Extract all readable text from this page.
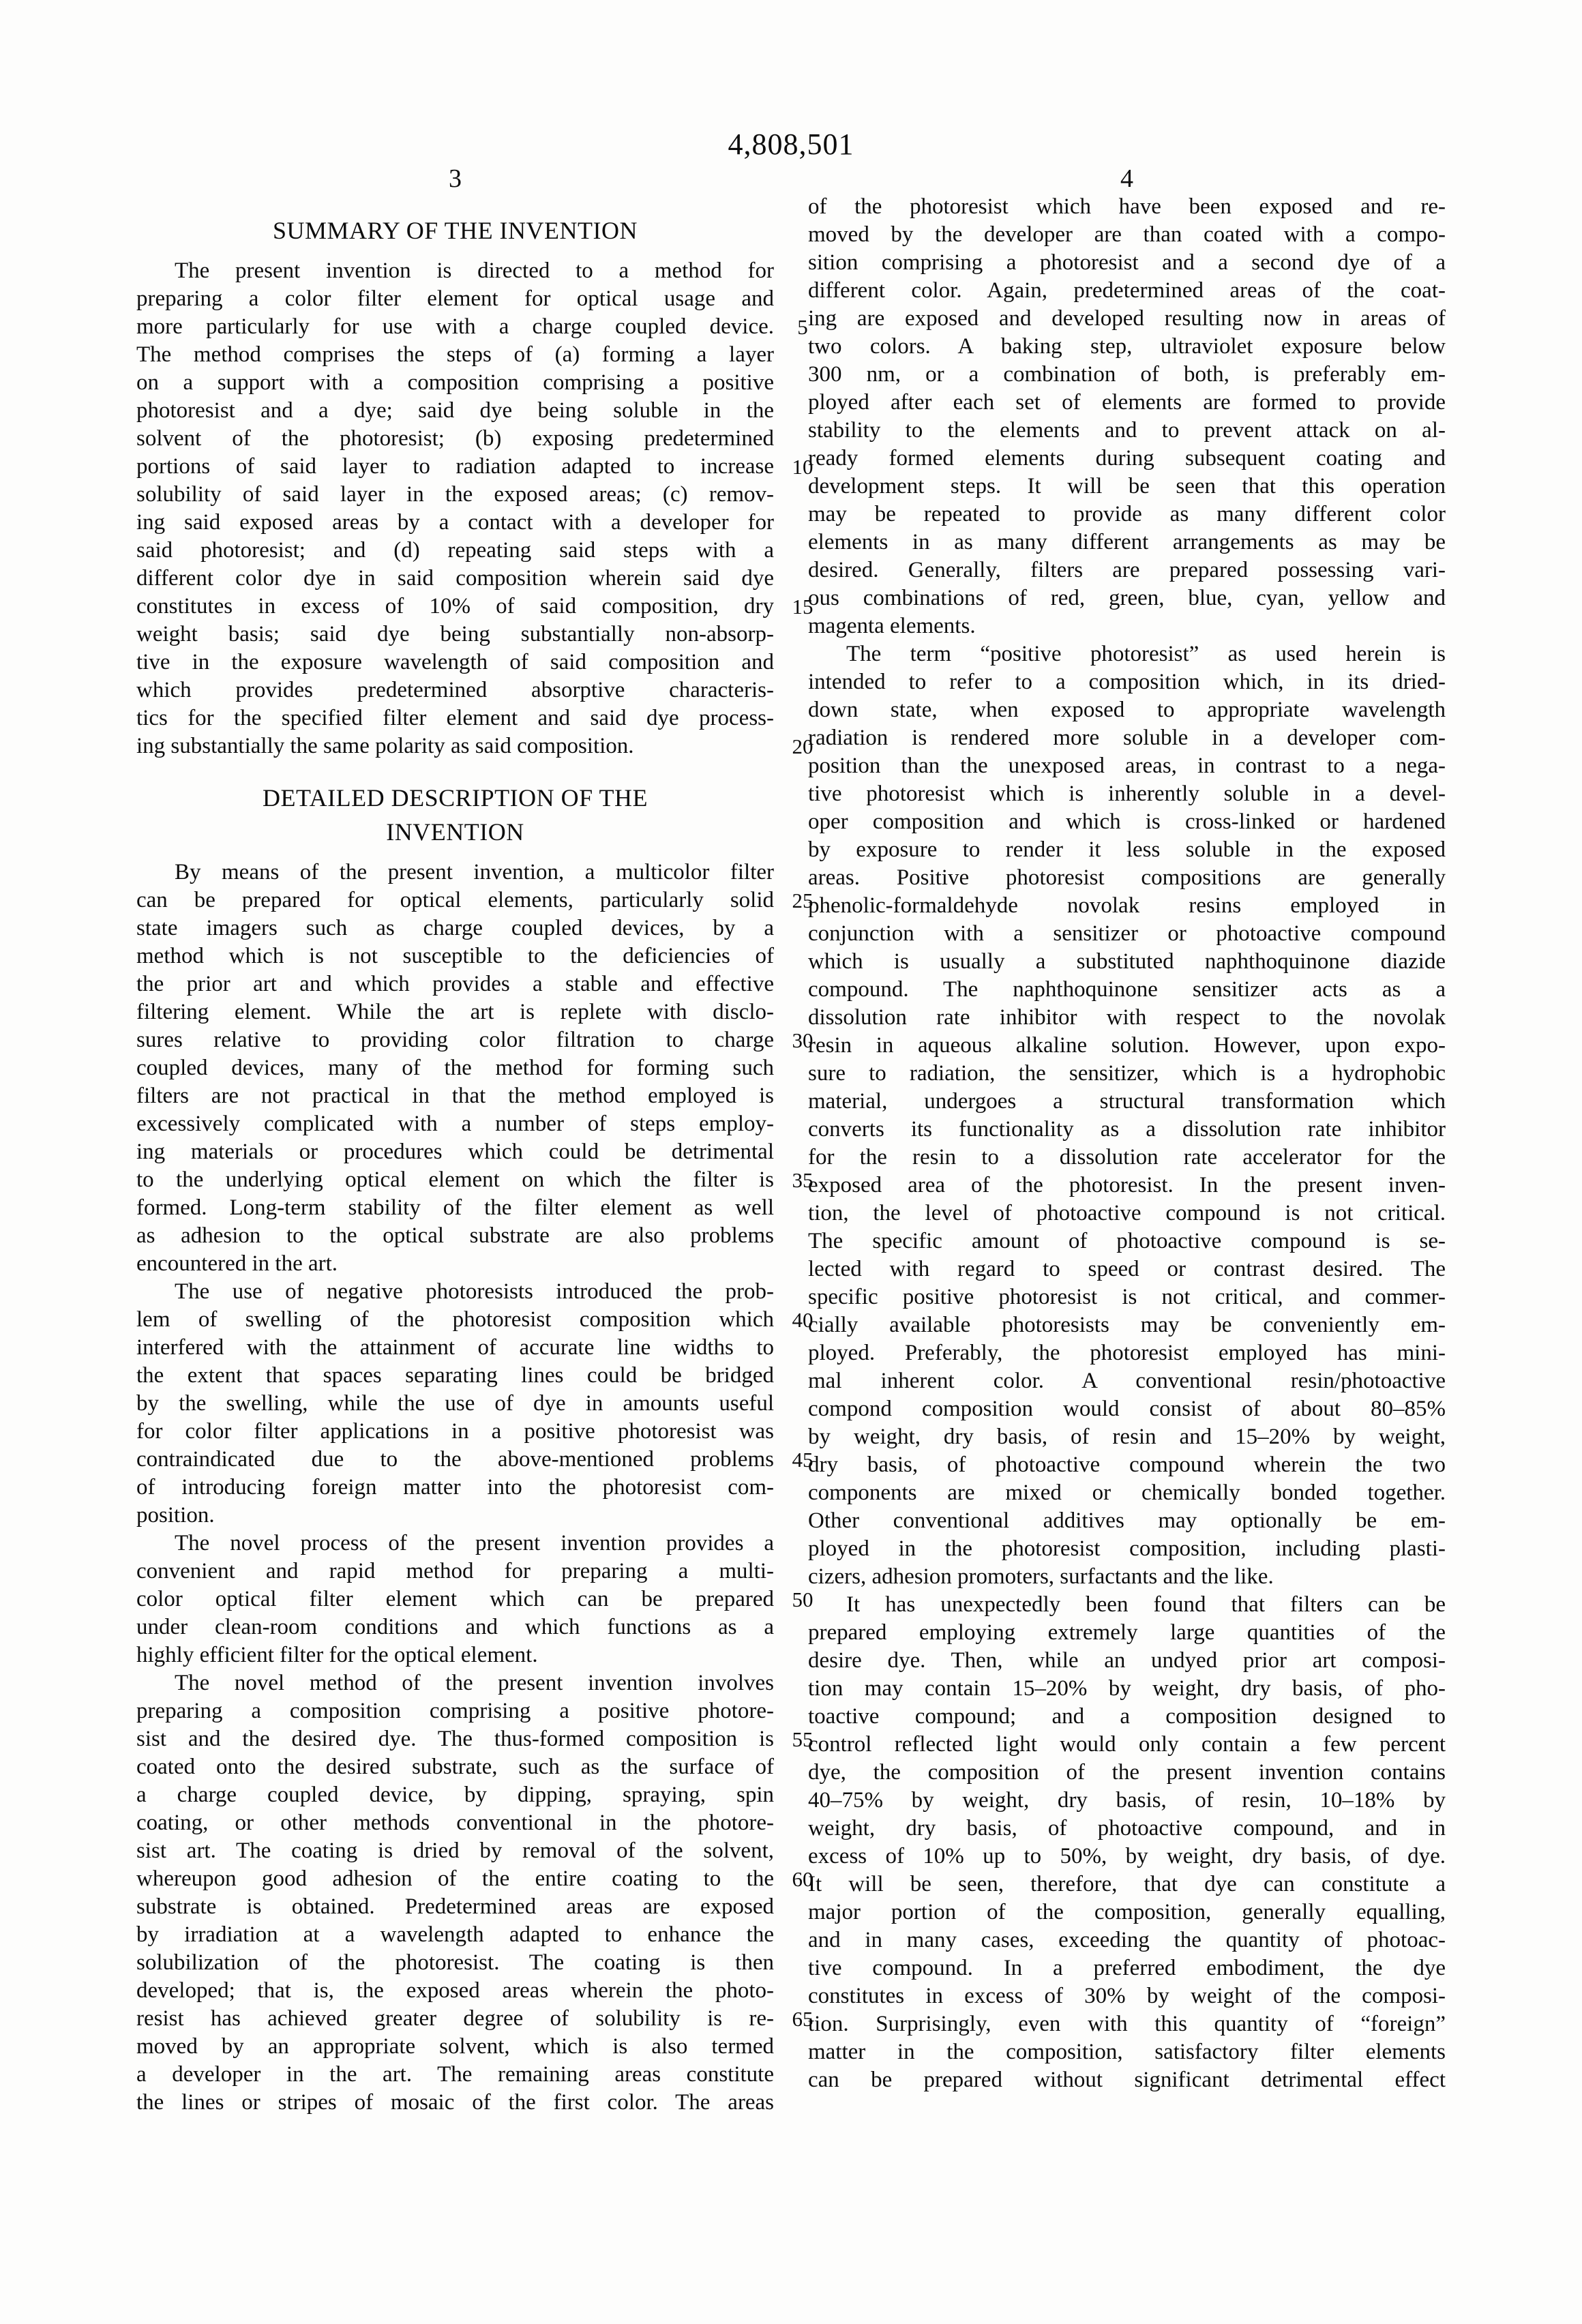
4,808,501
3	4
SUMMARY OF THE INVENTION
The present invention is directed to a method for
preparing a color filter element for optical usage and
more particularly for use with a charge coupled device.	5
The method comprises the steps of (a) forming a layer
on a support with a composition comprising a positive
photoresist and a dye; said dye being soluble in the
solvent of the photoresist; (b) exposing predetermined
portions of said layer to radiation adapted to increase 10
solubility of said layer in the exposed areas; (c) remov-
ing said exposed areas by a contact with a developer for
said photoresist; and (d) repeating said steps with a
different color dye in said composition wherein said dye
constitutes in excess of 10% of said composition, dry 15
weight basis; said dye being substantially non-absorp-
tive in the exposure wavelength of said composition and
which provides predetermined absorptive characteris-
tics for the specified filter element and said dye process-
ing substantially the same polarity as said composition.	20
DETAILED DESCRIPTION OF THE
INVENTION
By means of the present invention, a multicolor filter
can be prepared for optical elements, particularly solid 25
state imagers such as charge coupled devices, by a
method which is not susceptible to the deficiencies of
the prior art and which provides a stable and effective
filtering element. While the art is replete with disclo-
sures relative to providing color filtration to charge 30
coupled devices, many of the method for forming such
filters are not practical in that the method employed is
excessively complicated with a number of steps employ-
ing materials or procedures which could be detrimental
to the underlying optical element on which the filter is 35
formed. Long-term stability of the filter element as well
as adhesion to the optical substrate are also problems
encountered in the art.
The use of negative photoresists introduced the prob-
lem of swelling of the photoresist composition which 40
interfered with the attainment of accurate line widths to
the extent that spaces separating lines could be bridged
by the swelling, while the use of dye in amounts useful
for color filter applications in a positive photoresist was
contraindicated due to the above-mentioned problems 45
of introducing foreign matter into the photoresist com-
position.
The novel process of the present invention provides a
convenient and rapid method for preparing a multi-
color optical filter element which can be prepared 50
under clean-room conditions and which functions as a
highly efficient filter for the optical element.
The novel method of the present invention involves
preparing a composition comprising a positive photore-
sist and the desired dye. The thus-formed composition is 55
coated onto the desired substrate, such as the surface of
a charge coupled device, by dipping, spraying, spin
coating, or other methods conventional in the photore-
sist art. The coating is dried by removal of the solvent,
whereupon good adhesion of the entire coating to the 60
substrate is obtained. Predetermined areas are exposed
by irradiation at a wavelength adapted to enhance the
solubilization of the photoresist. The coating is then
developed; that is, the exposed areas wherein the photo-
resist has achieved greater degree of solubility is re- 65
moved by an appropriate solvent, which is also termed
a developer in the art. The remaining areas constitute
the lines or stripes of mosaic of the first color. The areas
of the photoresist which have been exposed and re-
moved by the developer are than coated with a compo-
sition comprising a photoresist and a second dye of a
different color. Again, predetermined areas of the coat-
ing are exposed and developed resulting now in areas of
two colors. A baking step, ultraviolet exposure below
300 nm, or a combination of both, is preferably em-
ployed after each set of elements are formed to provide
stability to the elements and to prevent attack on al-
ready formed elements during subsequent coating and
development steps. It will be seen that this operation
may be repeated to provide as many different color
elements in as many different arrangements as may be
desired. Generally, filters are prepared possessing vari-
ous combinations of red, green, blue, cyan, yellow and
magenta elements.
The term “positive photoresist” as used herein is
intended to refer to a composition which, in its dried-
down state, when exposed to appropriate wavelength
radiation is rendered more soluble in a developer com-
position than the unexposed areas, in contrast to a nega-
tive photoresist which is inherently soluble in a devel-
oper composition and which is cross-linked or hardened
by exposure to render it less soluble in the exposed
areas. Positive photoresist compositions are generally
phenolic-formaldehyde novolak resins employed in
conjunction with a sensitizer or photoactive compound
which is usually a substituted naphthoquinone diazide
compound. The naphthoquinone sensitizer acts as a
dissolution rate inhibitor with respect to the novolak
resin in aqueous alkaline solution. However, upon expo-
sure to radiation, the sensitizer, which is a hydrophobic
material, undergoes a structural transformation which
converts its functionality as a dissolution rate inhibitor
for the resin to a dissolution rate accelerator for the
exposed area of the photoresist. In the present inven-
tion, the level of photoactive compound is not critical.
The specific amount of photoactive compound is se-
lected with regard to speed or contrast desired. The
specific positive photoresist is not critical, and commer-
cially available photoresists may be conveniently em-
ployed. Preferably, the photoresist employed has mini-
mal inherent color. A conventional resin/photoactive
compond composition would consist of about 80–85%
by weight, dry basis, of resin and 15–20% by weight,
dry basis, of photoactive compound wherein the two
components are mixed or chemically bonded together.
Other conventional additives may optionally be em-
ployed in the photoresist composition, including plasti-
cizers, adhesion promoters, surfactants and the like.
It has unexpectedly been found that filters can be
prepared employing extremely large quantities of the
desire dye. Then, while an undyed prior art composi-
tion may contain 15–20% by weight, dry basis, of pho-
toactive compound; and a composition designed to
control reflected light would only contain a few percent
dye, the composition of the present invention contains
40–75% by weight, dry basis, of resin, 10–18% by
weight, dry basis, of photoactive compound, and in
excess of 10% up to 50%, by weight, dry basis, of dye.
It will be seen, therefore, that dye can constitute a
major portion of the composition, generally equalling,
and in many cases, exceeding the quantity of photoac-
tive compound. In a preferred embodiment, the dye
constitutes in excess of 30% by weight of the composi-
tion. Surprisingly, even with this quantity of “foreign”
matter in the composition, satisfactory filter elements
can be prepared without significant detrimental effect
